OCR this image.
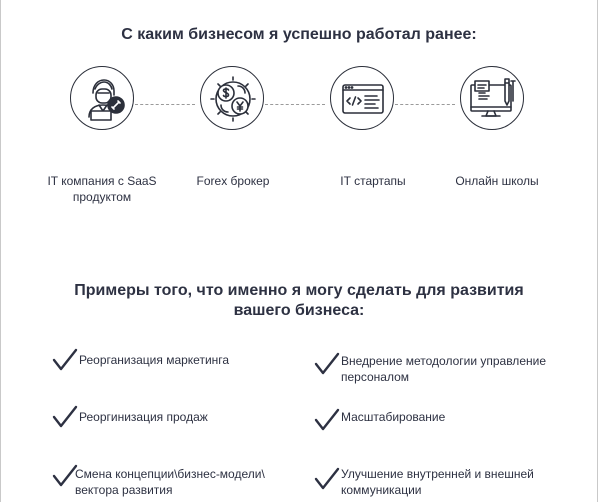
С каким бизнесом я успешно работал ранее:
IT компания с SaaS
продуктом
Forex брокер	IT стартапы	Онлайн школы
Примеры того, что именно я могу сделать для развития
вашего бизнеса:
Реорганизация маркетинга	Внедрение методологии управление
персоналом
Реоргинизация продаж	Масштабирование
Смена концепции\бизнес-модели\
вектора развития
Улучшение внутренней и внешней
коммуникации
